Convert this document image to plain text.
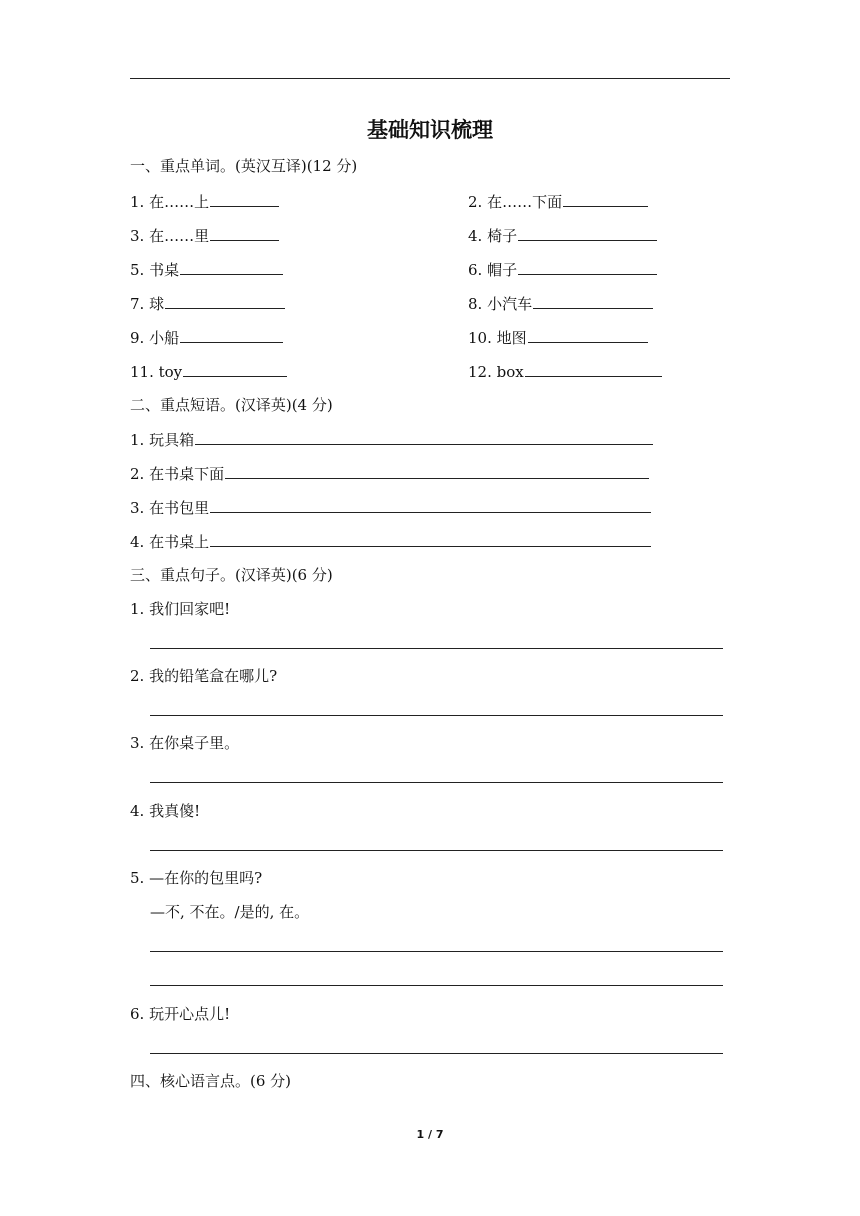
基础知识梳理
一、重点单词。(英汉互译)(12 分)
1. 在……上	2. 在……下面
3. 在……里	4. 椅子
5. 书桌	6. 帽子
7. 球	8. 小汽车
9. 小船	10. 地图
11. toy	12. box
二、重点短语。(汉译英)(4 分)
1. 玩具箱
2. 在书桌下面
3. 在书包里
4. 在书桌上
三、重点句子。(汉译英)(6 分)
1. 我们回家吧!
2. 我的铅笔盒在哪儿?
3. 在你桌子里。
4. 我真傻!
5. —在你的包里吗?
—不, 不在。/是的, 在。
6. 玩开心点儿!
四、核心语言点。(6 分)
1 / 7
